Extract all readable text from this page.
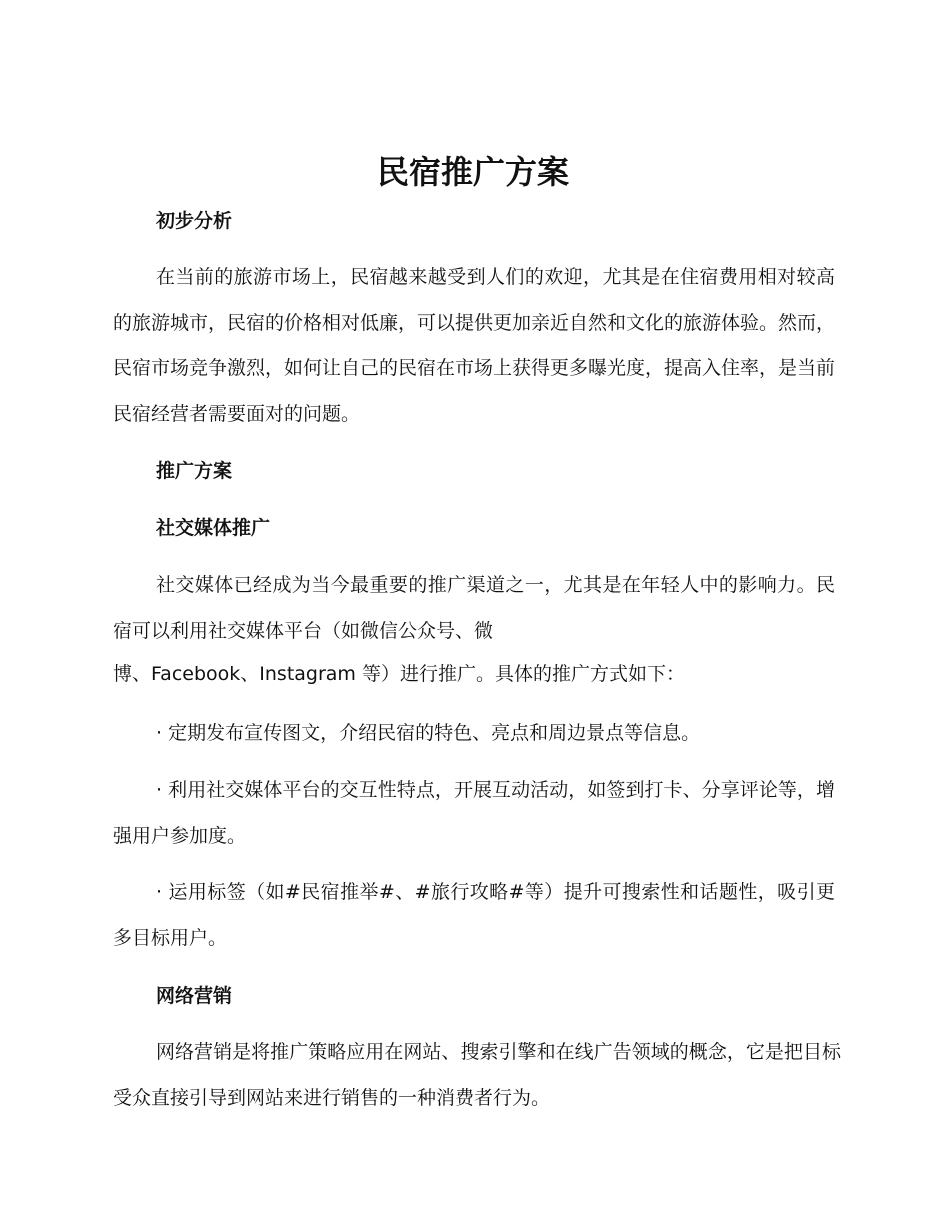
民宿推广方案
初步分析
在当前的旅游市场上，民宿越来越受到人们的欢迎，尤其是在住宿费用相对较高的旅游城市，民宿的价格相对低廉，可以提供更加亲近自然和文化的旅游体验。然而，民宿市场竞争激烈，如何让自己的民宿在市场上获得更多曝光度，提高入住率，是当前民宿经营者需要面对的问题。
推广方案
社交媒体推广
社交媒体已经成为当今最重要的推广渠道之一，尤其是在年轻人中的影响力。民宿可以利用社交媒体平台（如微信公众号、微
博、Facebook、Instagram 等）进行推广。具体的推广方式如下：
· 定期发布宣传图文，介绍民宿的特色、亮点和周边景点等信息。
· 利用社交媒体平台的交互性特点，开展互动活动，如签到打卡、分享评论等，增强用户参加度。
· 运用标签（如#民宿推举#、#旅行攻略#等）提升可搜索性和话题性，吸引更多目标用户。
网络营销
网络营销是将推广策略应用在网站、搜索引擎和在线广告领域的概念，它是把目标受众直接引导到网站来进行销售的一种消费者行为。
